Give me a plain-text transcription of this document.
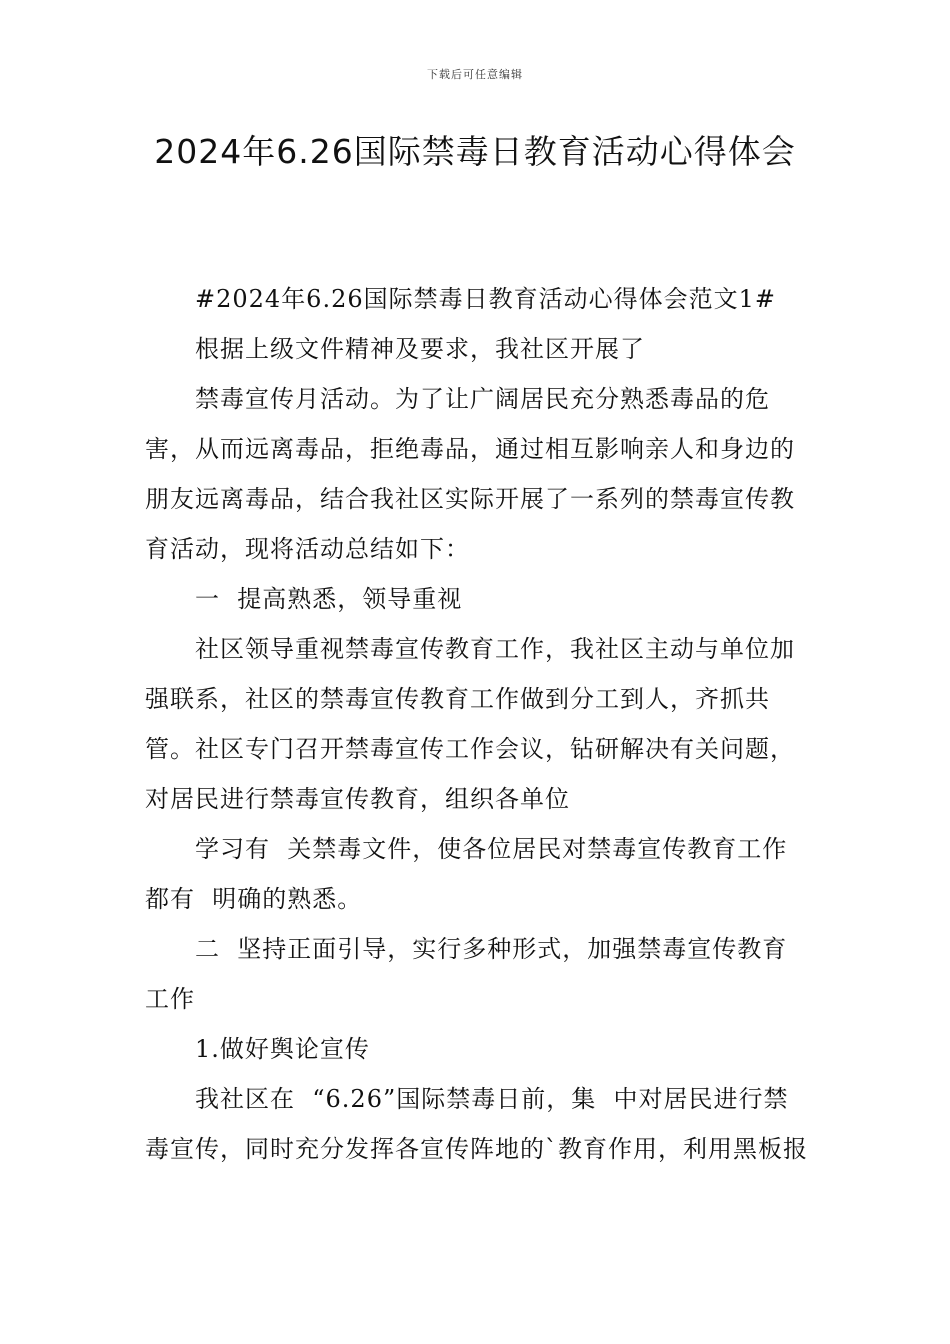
下载后可任意编辑
2024年6.26国际禁毒日教育活动心得体会

#2024年6.26国际禁毒日教育活动心得体会范文1#

根据上级文件精神及要求，我社区开展了

禁毒宣传月活动。为了让广阔居民充分熟悉毒品的危害，从而远离毒品，拒绝毒品，通过相互影响亲人和身边的朋友远离毒品，结合我社区实际开展了一系列的禁毒宣传教育活动，现将活动总结如下：

一  提高熟悉，领导重视

社区领导重视禁毒宣传教育工作，我社区主动与单位加强联系，社区的禁毒宣传教育工作做到分工到人，齐抓共管。社区专门召开禁毒宣传工作会议，钻研解决有关问题，对居民进行禁毒宣传教育，组织各单位

学习有  关禁毒文件，使各位居民对禁毒宣传教育工作都有  明确的熟悉。

二  坚持正面引导，实行多种形式，加强禁毒宣传教育工作

1.做好舆论宣传

我社区在  “6.26”国际禁毒日前，集  中对居民进行禁毒宣传，同时充分发挥各宣传阵地的`教育作用，利用黑板报
